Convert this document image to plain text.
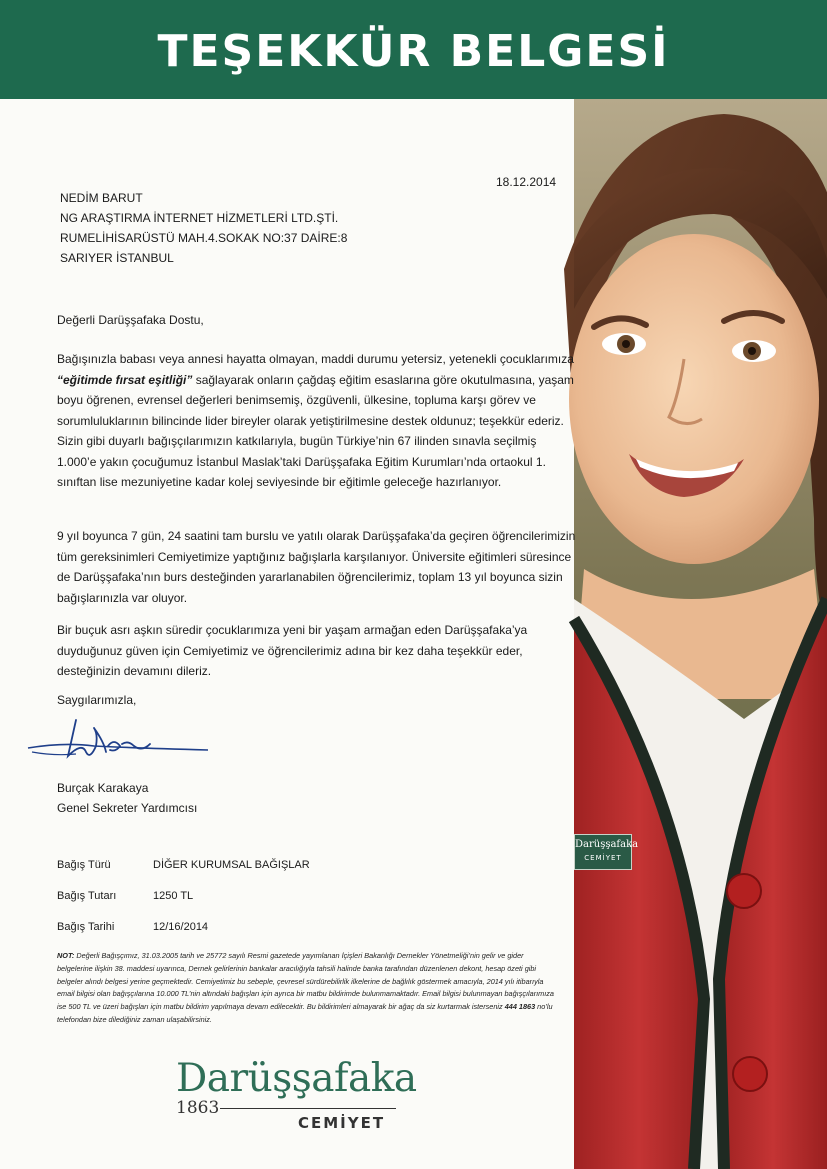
TEŞEKKÜR BELGESİ
Darüşşafaka
CEMİYET
18.12.2014
NEDİM BARUT
NG ARAŞTIRMA İNTERNET HİZMETLERİ LTD.ŞTİ.
RUMELİHİSARÜSTÜ MAH.4.SOKAK NO:37 DAİRE:8
SARIYER İSTANBUL
Değerli Darüşşafaka Dostu,

Bağışınızla babası veya annesi hayatta olmayan, maddi durumu yetersiz, yetenekli çocuklarımıza “eğitimde fırsat eşitliği” sağlayarak onların çağdaş eğitim esaslarına göre okutulmasına, yaşam boyu öğrenen, evrensel değerleri benimsemiş, özgüvenli, ülkesine, topluma karşı görev ve sorumluluklarının bilincinde lider bireyler olarak yetiştirilmesine destek oldunuz; teşekkür ederiz. Sizin gibi duyarlı bağışçılarımızın katkılarıyla, bugün Türkiye’nin 67 ilinden sınavla seçilmiş 1.000’e yakın çocuğumuz İstanbul Maslak’taki Darüşşafaka Eğitim Kurumları’nda ortaokul 1. sınıftan lise mezuniyetine kadar kolej seviyesinde bir eğitimle geleceğe hazırlanıyor.

9 yıl boyunca 7 gün, 24 saatini tam burslu ve yatılı olarak Darüşşafaka’da geçiren öğrencilerimizin tüm gereksinimleri Cemiyetimize yaptığınız bağışlarla karşılanıyor. Üniversite eğitimleri süresince de Darüşşafaka’nın burs desteğinden yararlanabilen öğrencilerimiz, toplam 13 yıl boyunca sizin bağışlarınızla var oluyor.

Bir buçuk asrı aşkın süredir çocuklarımıza yeni bir yaşam armağan eden Darüşşafaka’ya duyduğunuz güven için Cemiyetimiz ve öğrencilerimiz adına bir kez daha teşekkür eder, desteğinizin devamını dileriz.

Saygılarımızla,
Burçak Karakaya
Genel Sekreter Yardımcısı
Bağış Türü	DİĞER KURUMSAL BAĞIŞLAR
Bağış Tutarı	1250 TL
Bağış Tarihi	12/16/2014
NOT: Değerli Bağışçımız, 31.03.2005 tarih ve 25772 sayılı Resmi gazetede yayımlanan İçişleri Bakanlığı Dernekler Yönetmeliği’nin gelir ve gider belgelerine ilişkin 38. maddesi uyarınca, Dernek gelirlerinin bankalar aracılığıyla tahsili halinde banka tarafından düzenlenen dekont, hesap özeti gibi belgeler alındı belgesi yerine geçmektedir. Cemiyetimiz bu sebeple, çevresel sürdürebilirlik ilkelerine de bağlılık göstermek amacıyla, 2014 yılı itibarıyla email bilgisi olan bağışçılarına 10.000 TL’nin altındaki bağışları için ayrıca bir matbu bildirimde bulunmamaktadır. Email bilgisi bulunmayan bağışçılarımıza ise 500 TL ve üzeri bağışları için matbu bildirim yapılmaya devam edilecektir. Bu bildirimleri almayarak bir ağaç da siz kurtarmak isterseniz 444 1863 no’lu telefondan bize dilediğiniz zaman ulaşabilirsiniz.
Darüşşafaka
1863
CEMİYET
